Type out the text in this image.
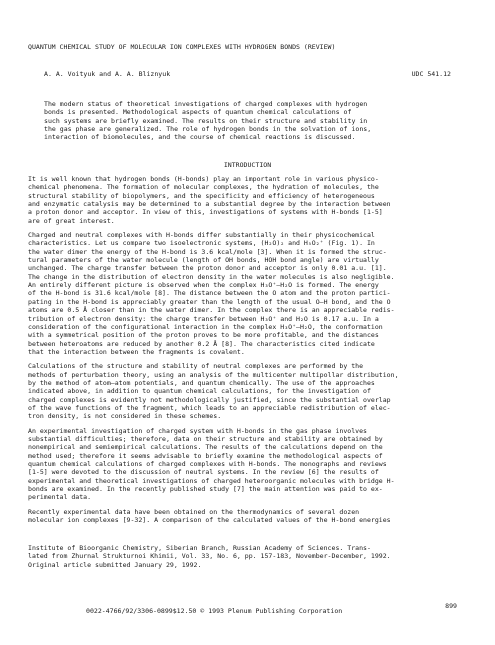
QUANTUM CHEMICAL STUDY OF MOLECULAR ION COMPLEXES WITH HYDROGEN BONDS (REVIEW)
A. A. Voityuk and A. A. Bliznyuk	UDC 541.12
The modern status of theoretical investigations of charged complexes with hydrogen
bonds is presented. Methodological aspects of quantum chemical calculations of
such systems are briefly examined. The results on their structure and stability in
the gas phase are generalized. The role of hydrogen bonds in the solvation of ions,
interaction of biomolecules, and the course of chemical reactions is discussed.
INTRODUCTION
It is well known that hydrogen bonds (H-bonds) play an important role in various physico-
chemical phenomena. The formation of molecular complexes, the hydration of molecules, the
structural stability of biopolymers, and the specificity and efficiency of heterogeneous
and enzymatic catalysis may be determined to a substantial degree by the interaction between
a proton donor and acceptor. In view of this, investigations of systems with H-bonds [1-5]
are of great interest.
Charged and neutral complexes with H-bonds differ substantially in their physicochemical
characteristics. Let us compare two isoelectronic systems, (H₂O)₂ and H₅O₂⁺ (Fig. 1). In
the water dimer the energy of the H-bond is 3.6 kcal/mole [3]. When it is formed the struc-
tural parameters of the water molecule (length of OH bonds, HOH bond angle) are virtually
unchanged. The charge transfer between the proton donor and acceptor is only 0.01 a.u. [1].
The change in the distribution of electron density in the water molecules is also negligible.
An entirely different picture is observed when the complex H₃O⁺–H₂O is formed. The energy
of the H-bond is 31.6 kcal/mole [8]. The distance between the O atom and the proton partici-
pating in the H-bond is appreciably greater than the length of the usual O–H bond, and the O
atoms are 0.5 Å closer than in the water dimer. In the complex there is an appreciable redis-
tribution of electron density: the charge transfer between H₃O⁺ and H₂O is 0.17 a.u. In a
consideration of the configurational interaction in the complex H₃O⁺–H₂O, the conformation
with a symmetrical position of the proton proves to be more profitable, and the distances
between heteroatoms are reduced by another 0.2 Å [8]. The characteristics cited indicate
that the interaction between the fragments is covalent.
Calculations of the structure and stability of neutral complexes are performed by the
methods of perturbation theory, using an analysis of the multicenter multipollar distribution,
by the method of atom–atom potentials, and quantum chemically. The use of the approaches
indicated above, in addition to quantum chemical calculations, for the investigation of
charged complexes is evidently not methodologically justified, since the substantial overlap
of the wave functions of the fragment, which leads to an appreciable redistribution of elec-
tron density, is not considered in these schemes.
An experimental investigation of charged system with H-bonds in the gas phase involves
substantial difficulties; therefore, data on their structure and stability are obtained by
nonempirical and semiempirical calculations. The results of the calculations depend on the
method used; therefore it seems advisable to briefly examine the methodological aspects of
quantum chemical calculations of charged complexes with H-bonds. The monographs and reviews
[1-5] were devoted to the discussion of neutral systems. In the review [6] the results of
experimental and theoretical investigations of charged heteroorganic molecules with bridge H-
bonds are examined. In the recently published study [7] the main attention was paid to ex-
perimental data.
Recently experimental data have been obtained on the thermodynamics of several dozen
molecular ion complexes [9-32]. A comparison of the calculated values of the H-bond energies
Institute of Bioorganic Chemistry, Siberian Branch, Russian Academy of Sciences. Trans-
lated from Zhurnal Strukturnoi Khimii, Vol. 33, No. 6, pp. 157-183, November-December, 1992.
Original article submitted January 29, 1992.
0022-4766/92/3306-0899$12.50 © 1993 Plenum Publishing Corporation
899
